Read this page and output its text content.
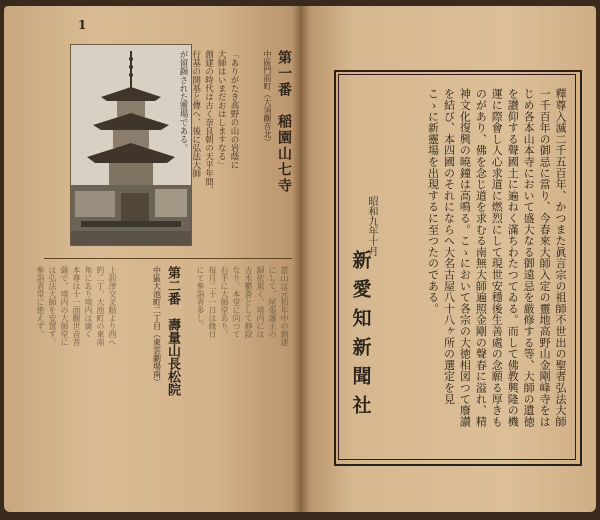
1
「ありがたき高野の山の岩蔭に
大師はいまだおはしますなる」
創建の時代は古く奈良朝の天平年間、
行基の開基と傳へ、後に弘法大師
が留錫された靈場である。	第一番　稲園山七寺
中區門前町（大須觀音北）
上前津交叉點より西へ
約二丁、大池町の東南
角にあり境内は廣く
本尊は十一面觀世音菩
薩で、境内の大師堂に
は弘法大師を安置す。
參詣者常に絶えず。	第二番　壽量山長松院
中區大池町二丁目（東雲劇場南）	當山は元和年中の創建
にして、尾張藩主の
歸依篤く、境内には
古木鬱蒼として靜寂
なり。本堂に向つて
右手に大師堂あり、
毎月二十一日は緣日
にて參詣者多し。	釋尊入滅二千五百年、かつまた眞言宗の祖師不世出の聖者弘法大師
一千百年の御忌に當り、今春來大師入定の靈地高野山金剛峰寺をは
じめ各本山本寺において盛大なる御遠忌を厳修する等、大師の遺徳
を讃仰する聲國土に遍ねく滿ちわたつてゐる。而して佛教興隆の機
運に際會し人心求道に燃烈にして現世安穩後生善處の念願る厚きも
のがあり、佛を念じ道を求むる南無大師遍照金剛の聲春に溢れ、精
神文化復興の曉鐘は高鳴る。こゝにおいて各宗の大徳相図つて廢讃
を結び、本四國のそれにならへ大名古屋八十八ヶ所の選定を見
こゝに新靈場を出現するに至つたのである。
昭和九年十月
新愛知新聞社
